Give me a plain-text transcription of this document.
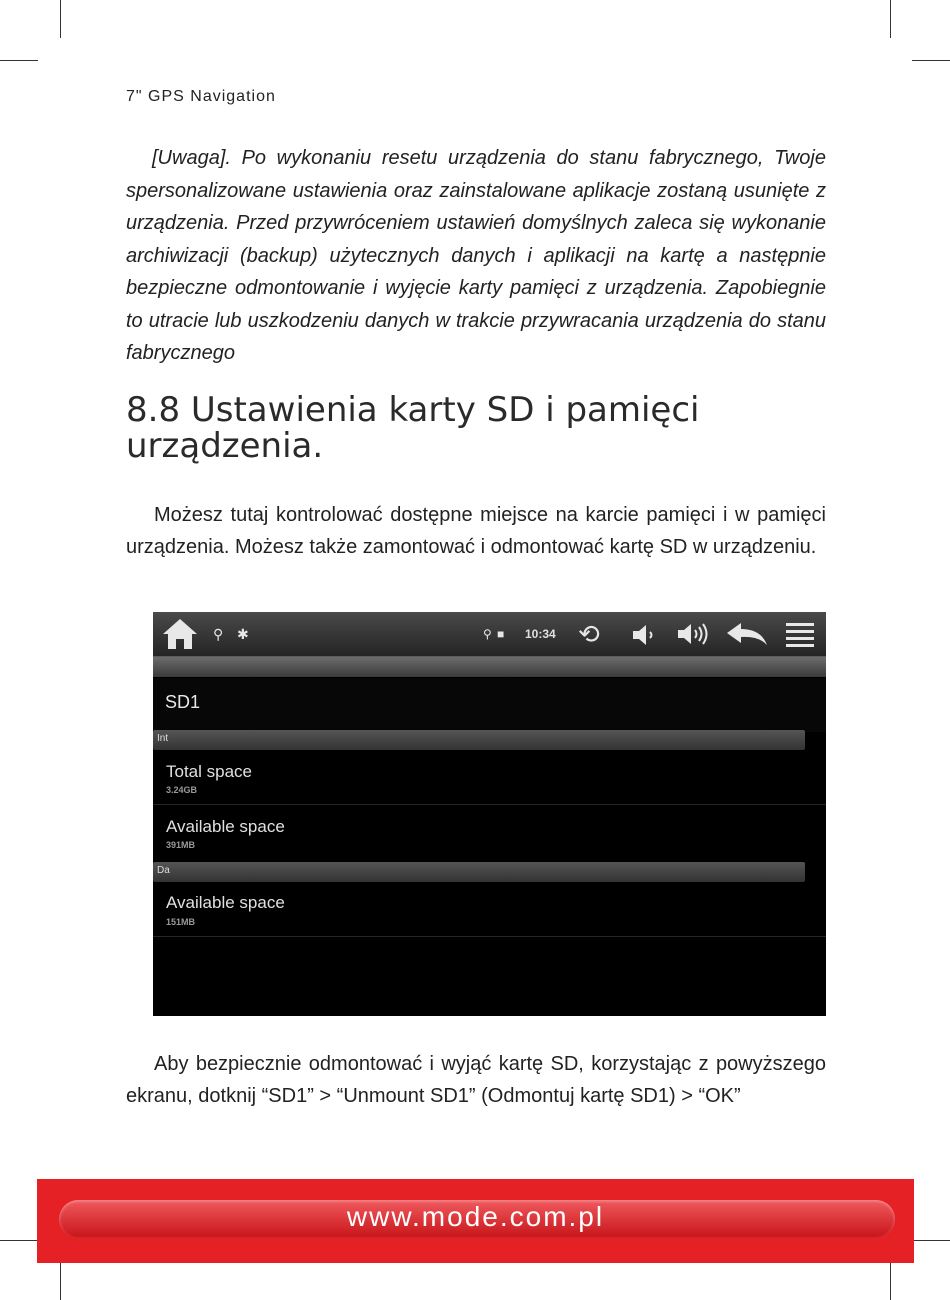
7" GPS Navigation

[Uwaga]. Po wykonaniu resetu urządzenia do stanu fabrycznego, Twoje spersonalizowane ustawienia oraz zainstalowane aplikacje zostaną usunięte z urządzenia. Przed przywróceniem ustawień domyślnych zaleca się wykonanie archiwizacji (backup) użytecznych danych i aplikacji na kartę a następnie bezpieczne odmontowanie i wyjęcie karty pamięci z urządzenia. Zapobiegnie to utracie lub uszkodzeniu danych w trakcie przywracania urządzenia do stanu fabrycznego

8.8 Ustawienia karty SD i pamięci urządzenia.

Możesz tutaj kontrolować dostępne miejsce na karcie pamięci i w pamięci urządzenia. Możesz także zamontować i odmontować kartę SD w urządzeniu.

⚲ ✱	⚲ ■ 10:34 ⟲
SD1
Int
Total space
3.24GB
Available space
391MB
Da
Available space
151MB

Aby bezpiecznie odmontować i wyjąć kartę SD, korzystając z powyższego ekranu, dotknij “SD1” > “Unmount SD1” (Odmontuj kartę SD1) > “OK”

www.mode.com.pl
